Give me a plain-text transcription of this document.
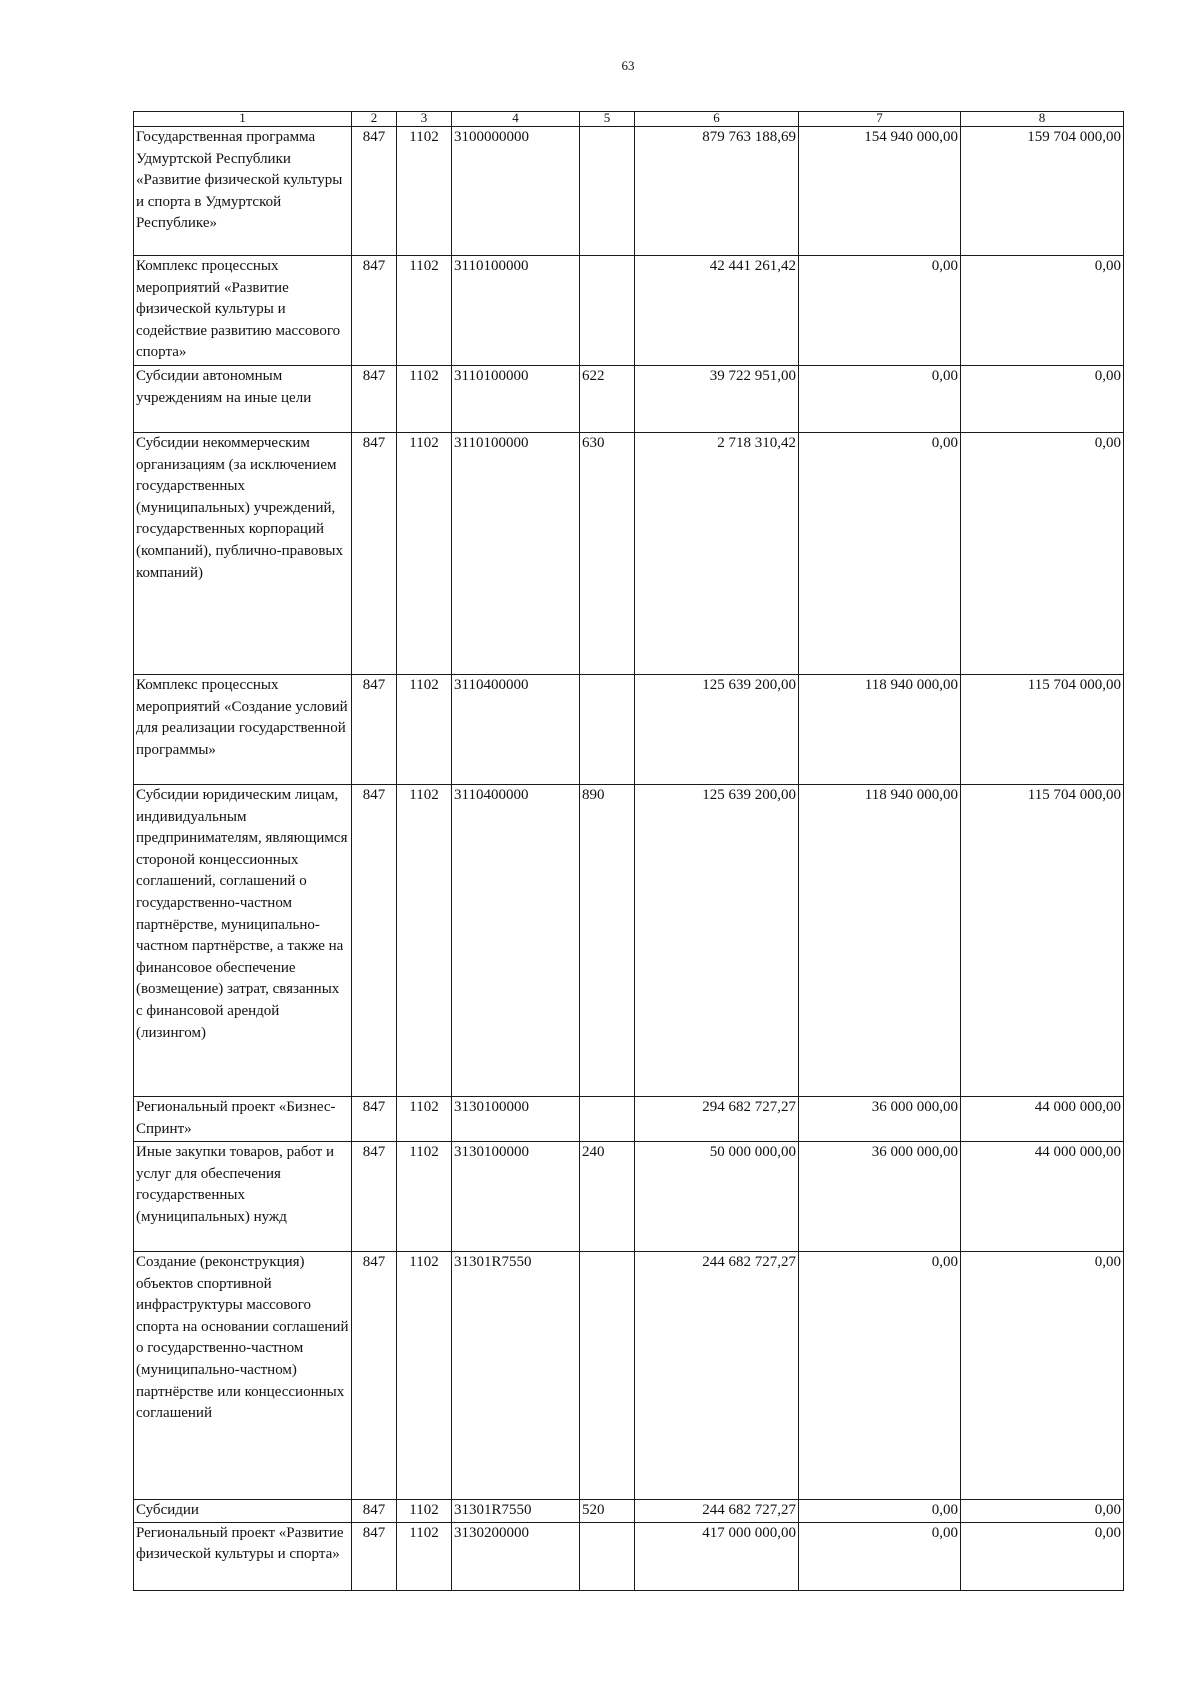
63
1	2	3	4	5	6	7	8
Государственная программа Удмуртской Республики «Развитие физической культуры и спорта в Удмуртской Республике»	847	1102	3100000000		879 763 188,69	154 940 000,00	159 704 000,00
Комплекс процессных мероприятий «Развитие физической культуры и содействие развитию массового спорта»	847	1102	3110100000		42 441 261,42	0,00	0,00
Субсидии автономным учреждениям на иные цели	847	1102	3110100000	622	39 722 951,00	0,00	0,00
Субсидии некоммерческим организациям (за исключением государственных (муниципальных) учреждений, государственных корпораций (компаний), публично-правовых компаний)	847	1102	3110100000	630	2 718 310,42	0,00	0,00
Комплекс процессных мероприятий «Создание условий для реализации государственной программы»	847	1102	3110400000		125 639 200,00	118 940 000,00	115 704 000,00
Субсидии юридическим лицам, индивидуальным предпринимателям, являющимся стороной концессионных соглашений, соглашений о государственно-частном партнёрстве, муниципально-частном партнёрстве, а также на финансовое обеспечение (возмещение) затрат, связанных с финансовой арендой (лизингом)	847	1102	3110400000	890	125 639 200,00	118 940 000,00	115 704 000,00
Региональный проект «Бизнес-Спринт»	847	1102	3130100000		294 682 727,27	36 000 000,00	44 000 000,00
Иные закупки товаров, работ и услуг для обеспечения государственных (муниципальных) нужд	847	1102	3130100000	240	50 000 000,00	36 000 000,00	44 000 000,00
Создание (реконструкция) объектов спортивной инфраструктуры массового спорта на основании соглашений о государственно-частном (муниципально-частном) партнёрстве или концессионных соглашений	847	1102	31301R7550		244 682 727,27	0,00	0,00
Субсидии	847	1102	31301R7550	520	244 682 727,27	0,00	0,00
Региональный проект «Развитие физической культуры и спорта»	847	1102	3130200000		417 000 000,00	0,00	0,00
